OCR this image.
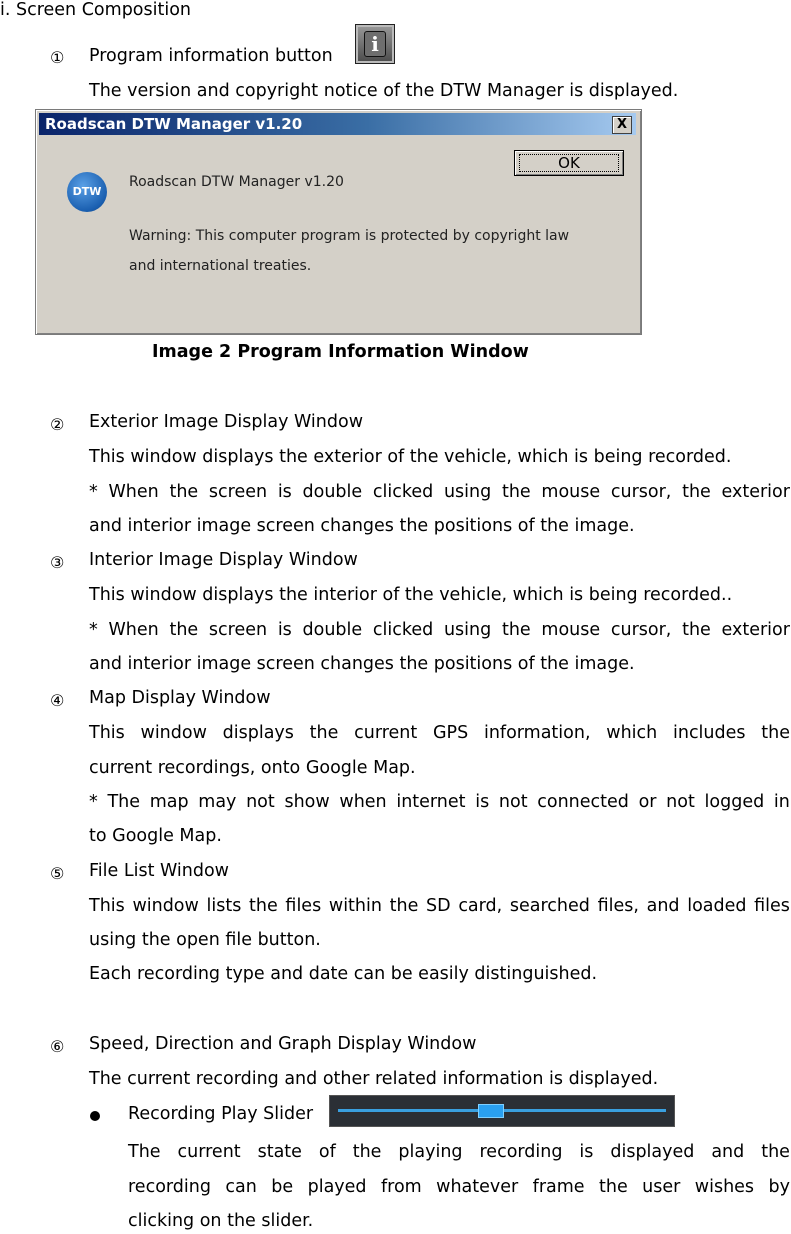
i. Screen Composition
① Program information button	i
The version and copyright notice of the DTW Manager is displayed.
Roadscan DTW Manager v1.20	X
OK
DTW
Roadscan DTW Manager v1.20
Warning: This computer program is protected by copyright law
and international treaties.
Image 2 Program Information Window
② Exterior Image Display Window
This window displays the exterior of the vehicle, which is being recorded.
* When the screen is double clicked using the mouse cursor, the exterior
and interior image screen changes the positions of the image.
③ Interior Image Display Window
This window displays the interior of the vehicle, which is being recorded..
* When the screen is double clicked using the mouse cursor, the exterior
and interior image screen changes the positions of the image.
④ Map Display Window
This window displays the current GPS information, which includes the
current recordings, onto Google Map.
* The map may not show when internet is not connected or not logged in
to Google Map.
⑤ File List Window
This window lists the files within the SD card, searched files, and loaded files
using the open file button.
Each recording type and date can be easily distinguished.
⑥ Speed, Direction and Graph Display Window
The current recording and other related information is displayed.
Recording Play Slider
The current state of the playing recording is displayed and the
recording can be played from whatever frame the user wishes by
clicking on the slider.
